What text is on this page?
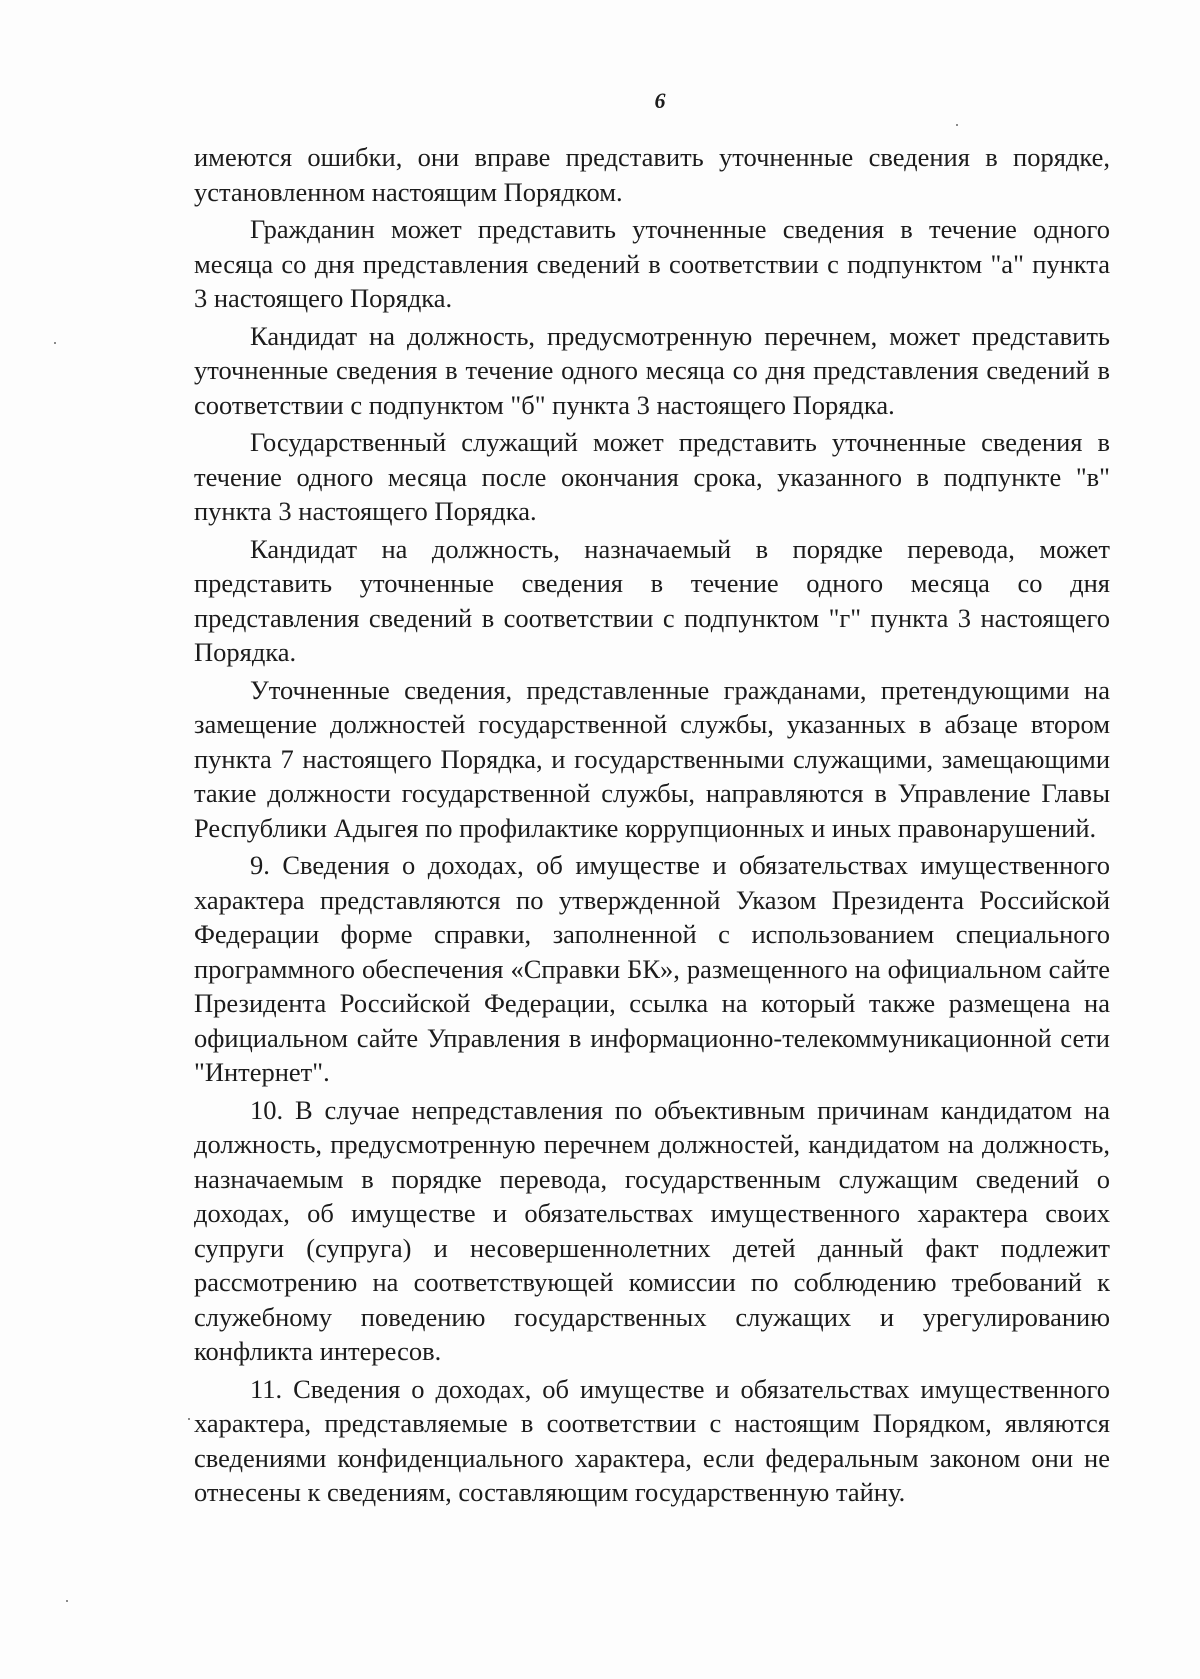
6

имеются ошибки, они вправе представить уточненные сведения в порядке, установленном настоящим Порядком.

Гражданин может представить уточненные сведения в течение одного месяца со дня представления сведений в соответствии с подпунктом "а" пункта 3 настоящего Порядка.

Кандидат на должность, предусмотренную перечнем, может представить уточненные сведения в течение одного месяца со дня представления сведений в соответствии с подпунктом "б" пункта 3 настоящего Порядка.

Государственный служащий может представить уточненные сведения в течение одного месяца после окончания срока, указанного в подпункте "в" пункта 3 настоящего Порядка.

Кандидат на должность, назначаемый в порядке перевода, может представить уточненные сведения в течение одного месяца со дня представления сведений в соответствии с подпунктом "г" пункта 3 настоящего Порядка.

Уточненные сведения, представленные гражданами, претендующими на замещение должностей государственной службы, указанных в абзаце втором пункта 7 настоящего Порядка, и государственными служащими, замещающими такие должности государственной службы, направляются в Управление Главы Республики Адыгея по профилактике коррупционных и иных правонарушений.

9. Сведения о доходах, об имуществе и обязательствах имущественного характера представляются по утвержденной Указом Президента Российской Федерации форме справки, заполненной с использованием специального программного обеспечения «Справки БК», размещенного на официальном сайте Президента Российской Федерации, ссылка на который также размещена на официальном сайте Управления в информационно-телекоммуникационной сети "Интернет".

10. В случае непредставления по объективным причинам кандидатом на должность, предусмотренную перечнем должностей, кандидатом на должность, назначаемым в порядке перевода, государственным служащим сведений о доходах, об имуществе и обязательствах имущественного характера своих супруги (супруга) и несовершеннолетних детей данный факт подлежит рассмотрению на соответствующей комиссии по соблюдению требований к служебному поведению государственных служащих и урегулированию конфликта интересов.

11. Сведения о доходах, об имуществе и обязательствах имущественного характера, представляемые в соответствии с настоящим Порядком, являются сведениями конфиденциального характера, если федеральным законом они не отнесены к сведениям, составляющим государственную тайну.
